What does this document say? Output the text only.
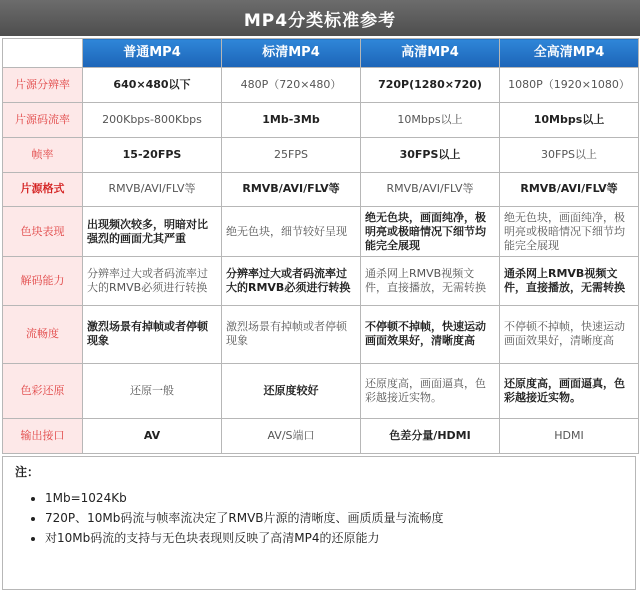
MP4分类标准参考
	普通MP4	标清MP4	高清MP4	全高清MP4
片源分辨率	640×480以下	480P（720×480）	720P(1280×720)	1080P（1920×1080）
片源码流率	200Kbps-800Kbps	1Mb-3Mb	10Mbps以上	10Mbps以上
帧率	15-20FPS	25FPS	30FPS以上	30FPS以上
片源格式	RMVB/AVI/FLV等	RMVB/AVI/FLV等	RMVB/AVI/FLV等	RMVB/AVI/FLV等
色块表现	出现频次较多，明暗对比强烈的画面尤其严重	绝无色块，细节较好呈现	绝无色块，画面纯净，极明亮或极暗情况下细节均能完全展现	绝无色块，画面纯净，极明亮或极暗情况下细节均能完全展现
解码能力	分辨率过大或者码流率过大的RMVB必须进行转换	分辨率过大或者码流率过大的RMVB必须进行转换	通杀网上RMVB视频文件，直接播放，无需转换	通杀网上RMVB视频文件，直接播放，无需转换
流畅度	激烈场景有掉帧或者停顿现象	激烈场景有掉帧或者停顿现象	不停顿不掉帧，快速运动画面效果好，清晰度高	不停顿不掉帧，快速运动画面效果好，清晰度高
色彩还原	还原一般	还原度较好	还原度高，画面逼真，色彩越接近实物。	还原度高，画面逼真，色彩越接近实物。
输出接口	AV	AV/S端口	色差分量/HDMI	HDMI
注：
• 1Mb=1024Kb
• 720P、10Mb码流与帧率流决定了RMVB片源的清晰度、画质质量与流畅度
• 对10Mb码流的支持与无色块表现则反映了高清MP4的还原能力
